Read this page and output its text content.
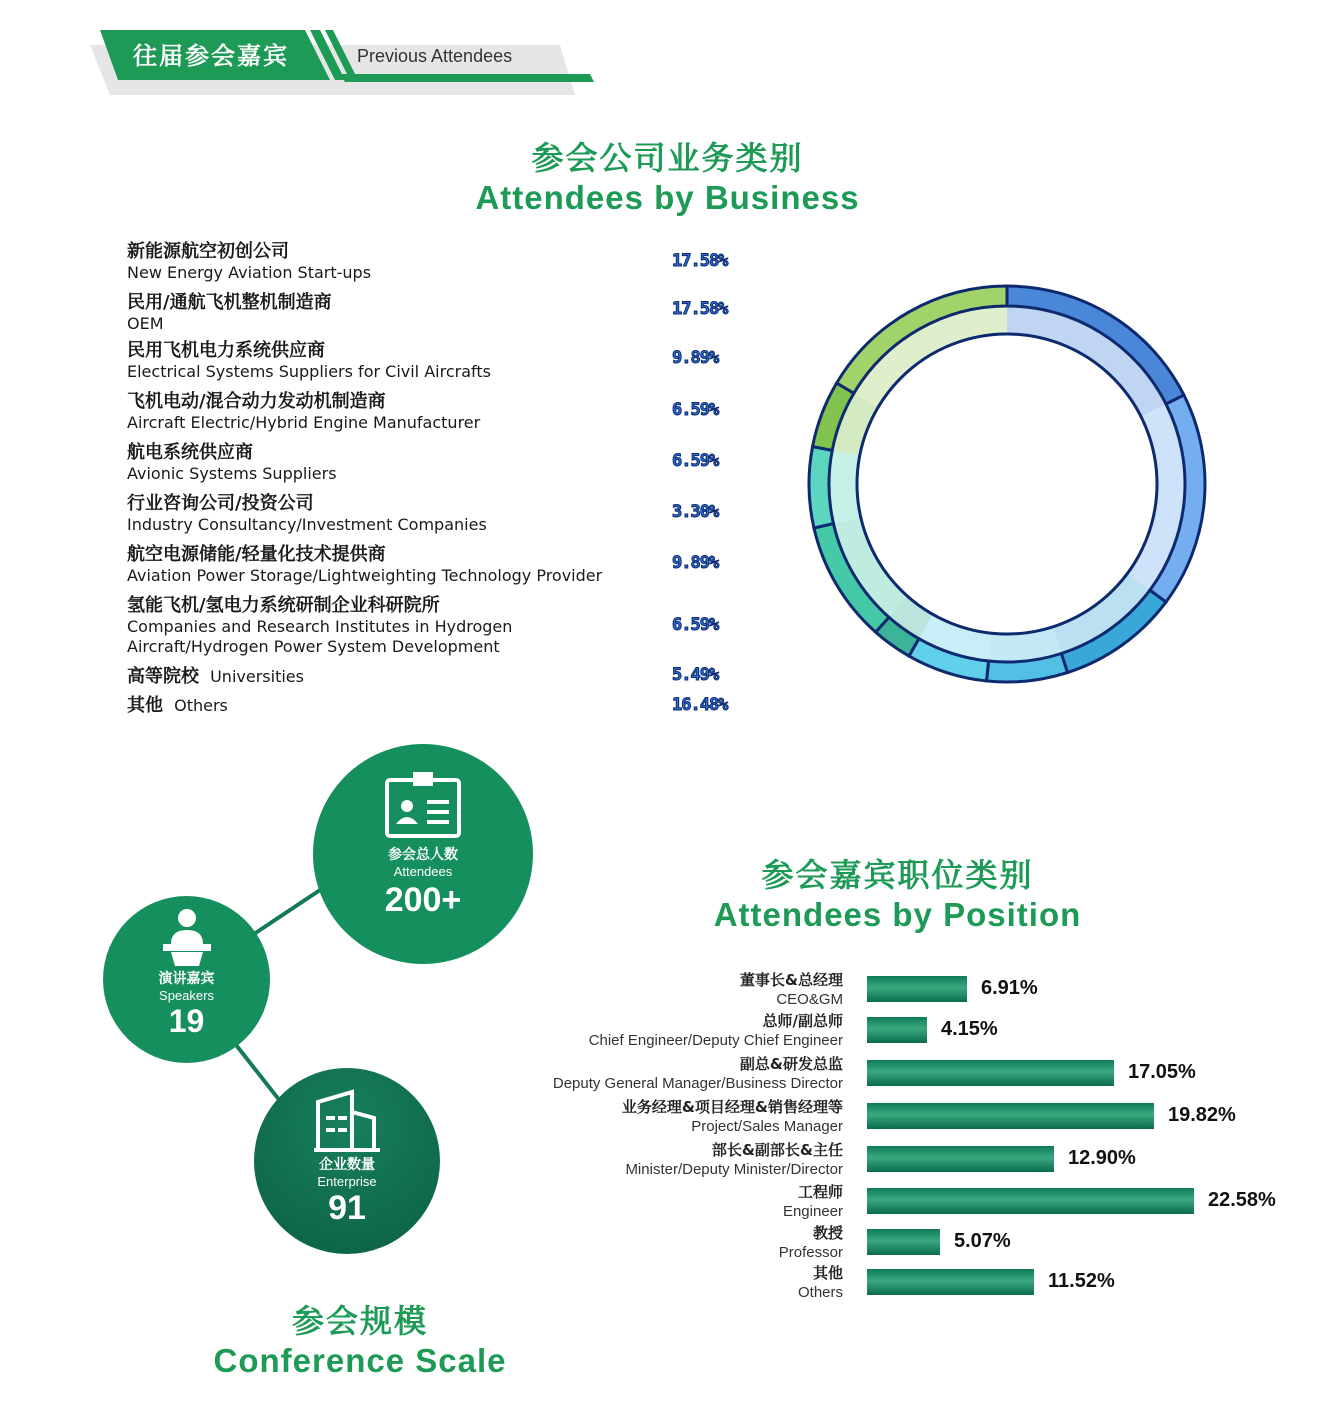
往届参会嘉宾	Previous Attendees
参会公司业务类别
Attendees by Business
新能源航空初创公司
New Energy Aviation Start-ups
17.58%
民用/通航飞机整机制造商
OEM
17.58%
民用飞机电力系统供应商
Electrical Systems Suppliers for Civil Aircrafts
9.89%
飞机电动/混合动力发动机制造商
Aircraft Electric/Hybrid Engine Manufacturer
6.59%
航电系统供应商
Avionic Systems Suppliers
6.59%
行业咨询公司/投资公司
Industry Consultancy/Investment Companies
3.30%
航空电源储能/轻量化技术提供商
Aviation Power Storage/Lightweighting Technology Provider
9.89%
氢能飞机/氢电力系统研制企业科研院所
Companies and Research Institutes in Hydrogen
Aircraft/Hydrogen Power System Development
6.59%
高等院校 Universities	5.49%
其他 Others	16.48%
参会总人数
Attendees
200+
演讲嘉宾
Speakers
19
企业数量
Enterprise
91
参会规模
Conference Scale
参会嘉宾职位类别
Attendees by Position
董事长&总经理
CEO&GM
6.91%
总师/副总师
Chief Engineer/Deputy Chief Engineer
4.15%
副总&研发总监
Deputy General Manager/Business Director
17.05%
业务经理&项目经理&销售经理等
Project/Sales Manager
19.82%
部长&副部长&主任
Minister/Deputy Minister/Director
12.90%
工程师
Engineer
22.58%
教授
Professor
5.07%
其他
Others
11.52%
